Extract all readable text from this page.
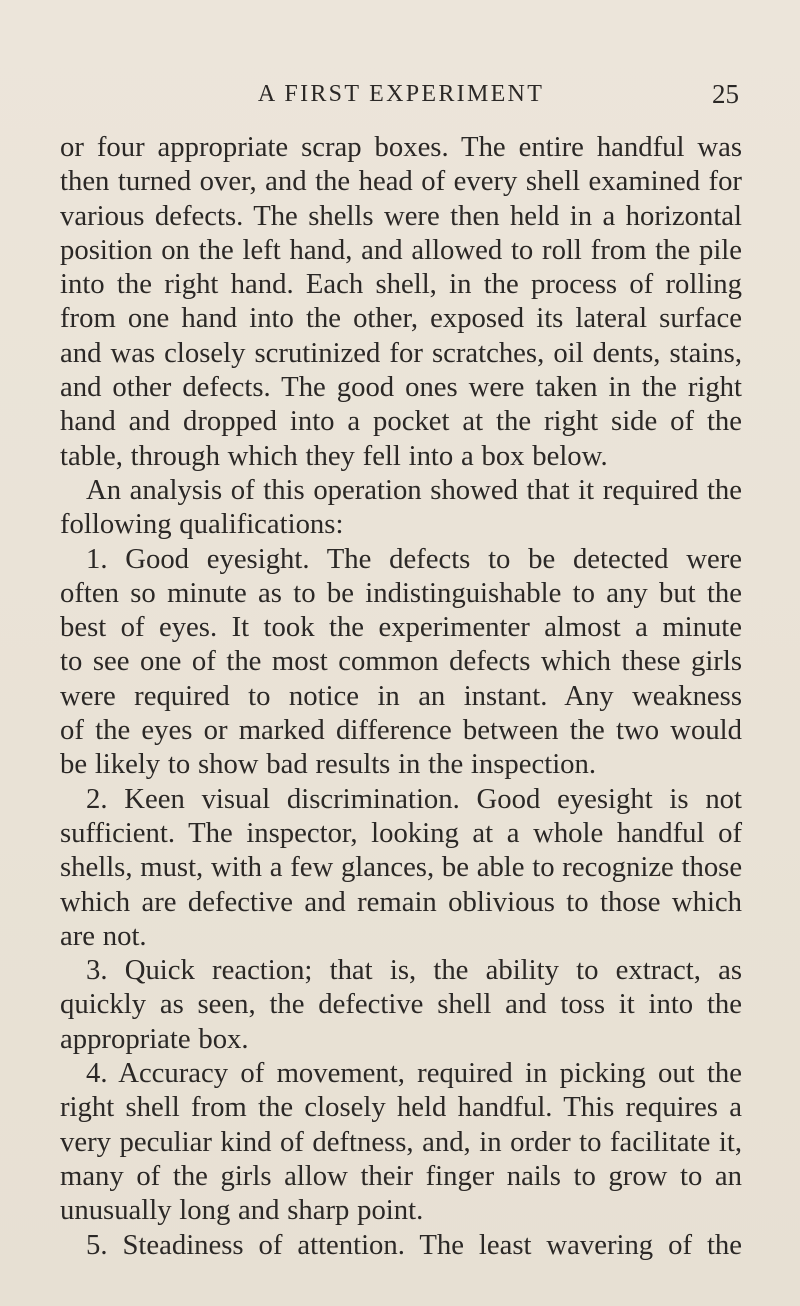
A FIRST EXPERIMENT	25
or four appropriate scrap boxes. The entire handful was
then turned over, and the head of every shell examined for
various defects. The shells were then held in a horizontal
position on the left hand, and allowed to roll from the pile
into the right hand. Each shell, in the process of rolling
from one hand into the other, exposed its lateral surface
and was closely scrutinized for scratches, oil dents, stains,
and other defects. The good ones were taken in the right
hand and dropped into a pocket at the right side of the
table, through which they fell into a box below.
An analysis of this operation showed that it required the
following qualifications:
1. Good eyesight. The defects to be detected were
often so minute as to be indistinguishable to any but the
best of eyes. It took the experimenter almost a minute
to see one of the most common defects which these girls
were required to notice in an instant. Any weakness
of the eyes or marked difference between the two would
be likely to show bad results in the inspection.
2. Keen visual discrimination. Good eyesight is not
sufficient. The inspector, looking at a whole handful of
shells, must, with a few glances, be able to recognize those
which are defective and remain oblivious to those which
are not.
3. Quick reaction; that is, the ability to extract, as
quickly as seen, the defective shell and toss it into the
appropriate box.
4. Accuracy of movement, required in picking out the
right shell from the closely held handful. This requires a
very peculiar kind of deftness, and, in order to facilitate it,
many of the girls allow their finger nails to grow to an
unusually long and sharp point.
5. Steadiness of attention. The least wavering of the
